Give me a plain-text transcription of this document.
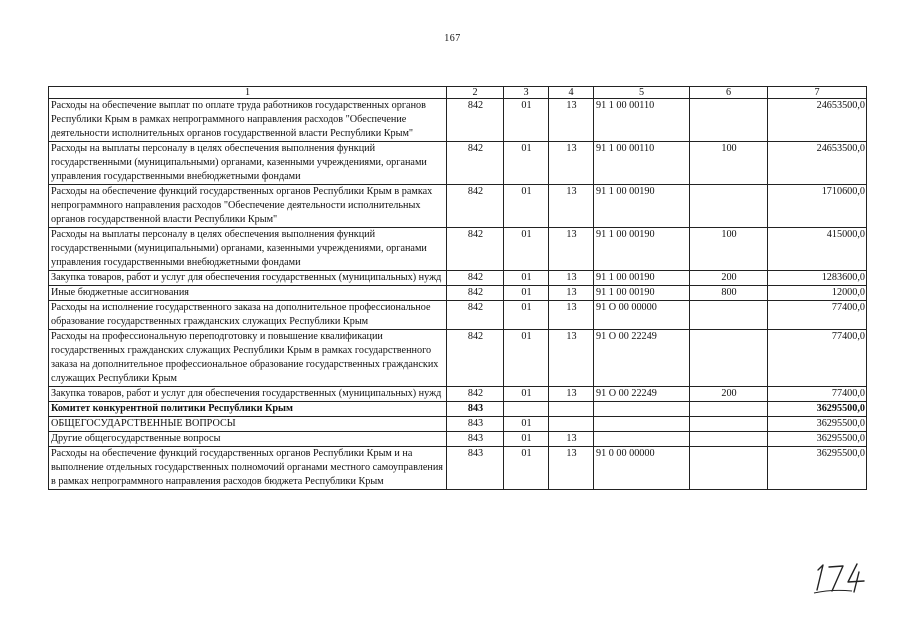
167
1	2	3	4	5	6	7
Расходы на обеспечение выплат по оплате труда работников государственных органов Республики Крым в рамках непрограммного направления расходов "Обеспечение деятельности исполнительных органов государственной власти Республики Крым"	842	01	13	91 1 00 00110		24653500,0
Расходы на выплаты персоналу в целях обеспечения выполнения функций государственными (муниципальными) органами, казенными учреждениями, органами управления государственными внебюджетными фондами	842	01	13	91 1 00 00110	100	24653500,0
Расходы на обеспечение функций государственных органов Республики Крым в рамках непрограммного направления расходов "Обеспечение деятельности исполнительных органов государственной власти Республики Крым"	842	01	13	91 1 00 00190		1710600,0
Расходы на выплаты персоналу в целях обеспечения выполнения функций государственными (муниципальными) органами, казенными учреждениями, органами управления государственными внебюджетными фондами	842	01	13	91 1 00 00190	100	415000,0
Закупка товаров, работ и услуг для обеспечения государственных (муниципальных) нужд	842	01	13	91 1 00 00190	200	1283600,0
Иные бюджетные ассигнования	842	01	13	91 1 00 00190	800	12000,0
Расходы на исполнение государственного заказа на дополнительное профессиональное образование государственных гражданских служащих Республики Крым	842	01	13	91 О 00 00000		77400,0
Расходы на профессиональную переподготовку и повышение квалификации государственных гражданских служащих Республики Крым в рамках государственного заказа на дополнительное профессиональное образование государственных гражданских служащих Республики Крым	842	01	13	91 О 00 22249		77400,0
Закупка товаров, работ и услуг для обеспечения государственных (муниципальных) нужд	842	01	13	91 О 00 22249	200	77400,0
Комитет конкурентной политики Республики Крым	843					36295500,0
ОБЩЕГОСУДАРСТВЕННЫЕ ВОПРОСЫ	843	01				36295500,0
Другие общегосударственные вопросы	843	01	13			36295500,0
Расходы на обеспечение функций государственных органов Республики Крым и на выполнение отдельных государственных полномочий органами местного самоуправления в рамках непрограммного направления расходов бюджета Республики Крым	843	01	13	91 0 00 00000		36295500,0
